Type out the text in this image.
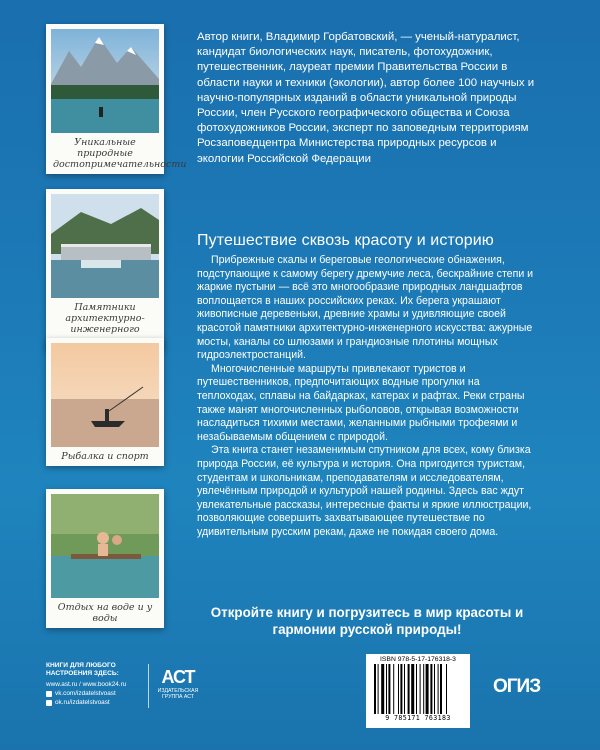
Уникальные природные достопримечательности
Памятники архитектурно-инженерного
Рыбалка и спорт
Отдых на воде и у воды

Автор книги, Владимир Горбатовский, — ученый-натуралист, кандидат биологических наук, писатель, фотохудожник, путешественник, лауреат премии Правительства России в области науки и техники (экологии), автор более 100 научных и научно-популярных изданий в области уникальной природы России, член Русского географического общества и Союза фотохудожников России, эксперт по заповедным территориям Росзаповедцентра Министерства природных ресурсов и экологии Российской Федерации

Путешествие сквозь красоту и историю

Прибрежные скалы и береговые геологические обнажения, подступающие к самому берегу дремучие леса, бескрайние степи и жаркие пустыни — всё это многообразие природных ландшафтов воплощается в наших российских реках. Их берега украшают живописные деревеньки, древние храмы и удивляющие своей красотой памятники архитектурно-инженерного искусства: ажурные мосты, каналы со шлюзами и грандиозные плотины мощных гидроэлектростанций.

Многочисленные маршруты привлекают туристов и путешественников, предпочитающих водные прогулки на теплоходах, сплавы на байдарках, катерах и рафтах. Реки страны также манят многочисленных рыболовов, открывая возможности насладиться тихими местами, желанными рыбными трофеями и незабываемым общением с природой.

Эта книга станет незаменимым спутником для всех, кому близка природа России, её культура и история. Она пригодится туристам, студентам и школьникам, преподавателям и исследователям, увлечённым природой и культурой нашей родины. Здесь вас ждут увлекательные рассказы, интересные факты и яркие иллюстрации, позволяющие совершить захватывающее путешествие по удивительным русским рекам, даже не покидая своего дома.

Откройте книгу и погрузитесь в мир красоты и гармонии русской природы!

КНИГИ ДЛЯ ЛЮБОГО НАСТРОЕНИЯ ЗДЕСЬ:
www.ast.ru / www.book24.ru
vk.com/izdatelstvoast
ok.ru/izdatelstvoast
АСТ
ИЗДАТЕЛЬСКАЯ ГРУППА АСТ
ISBN 978-5-17-176318-3
9 785171 763183
ОГИЗ
